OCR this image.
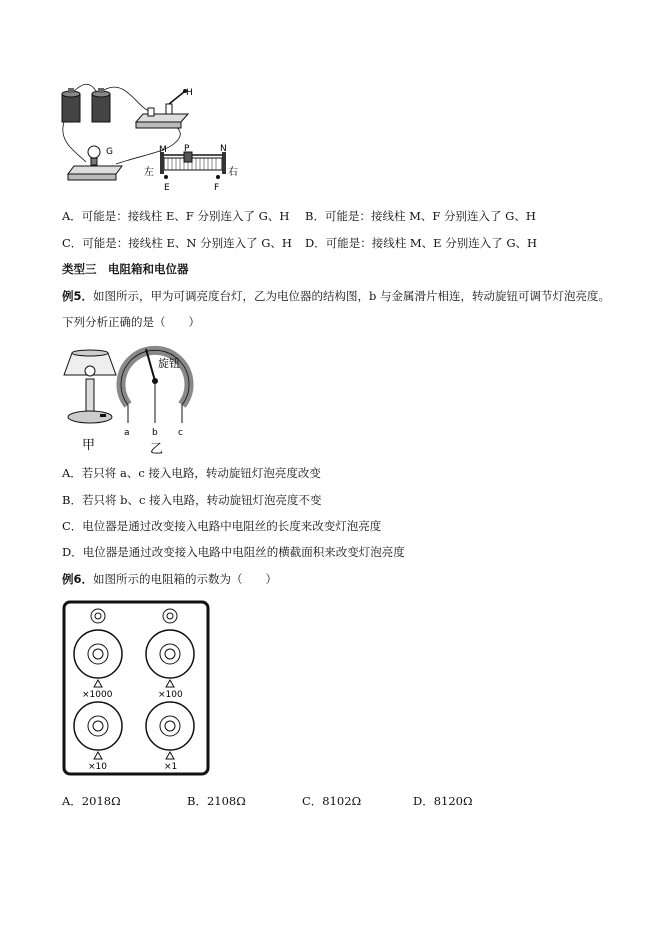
H
G	M P	N
E	F
左	右
A．可能是：接线柱 E、F 分别连入了 G、H B．可能是：接线柱 M、F 分别连入了 G、H
C．可能是：接线柱 E、N 分别连入了 G、H D．可能是：接线柱 M、E 分别连入了 G、H
类型三　电阻箱和电位器
例5．如图所示，甲为可调亮度台灯，乙为电位器的结构图，b 与金属滑片相连，转动旋钮可调节灯泡亮度。
下列分析正确的是（　　）
甲
旋钮
a b c
乙
A．若只将 a、c 接入电路，转动旋钮灯泡亮度改变
B．若只将 b、c 接入电路，转动旋钮灯泡亮度不变
C．电位器是通过改变接入电路中电阻丝的长度来改变灯泡亮度
D．电位器是通过改变接入电路中电阻丝的横截面积来改变灯泡亮度
例6．如图所示的电阻箱的示数为（　　）
×1000	×100
×10	×1
A．2018Ω	B．2108Ω	C．8102Ω	D．8120Ω
